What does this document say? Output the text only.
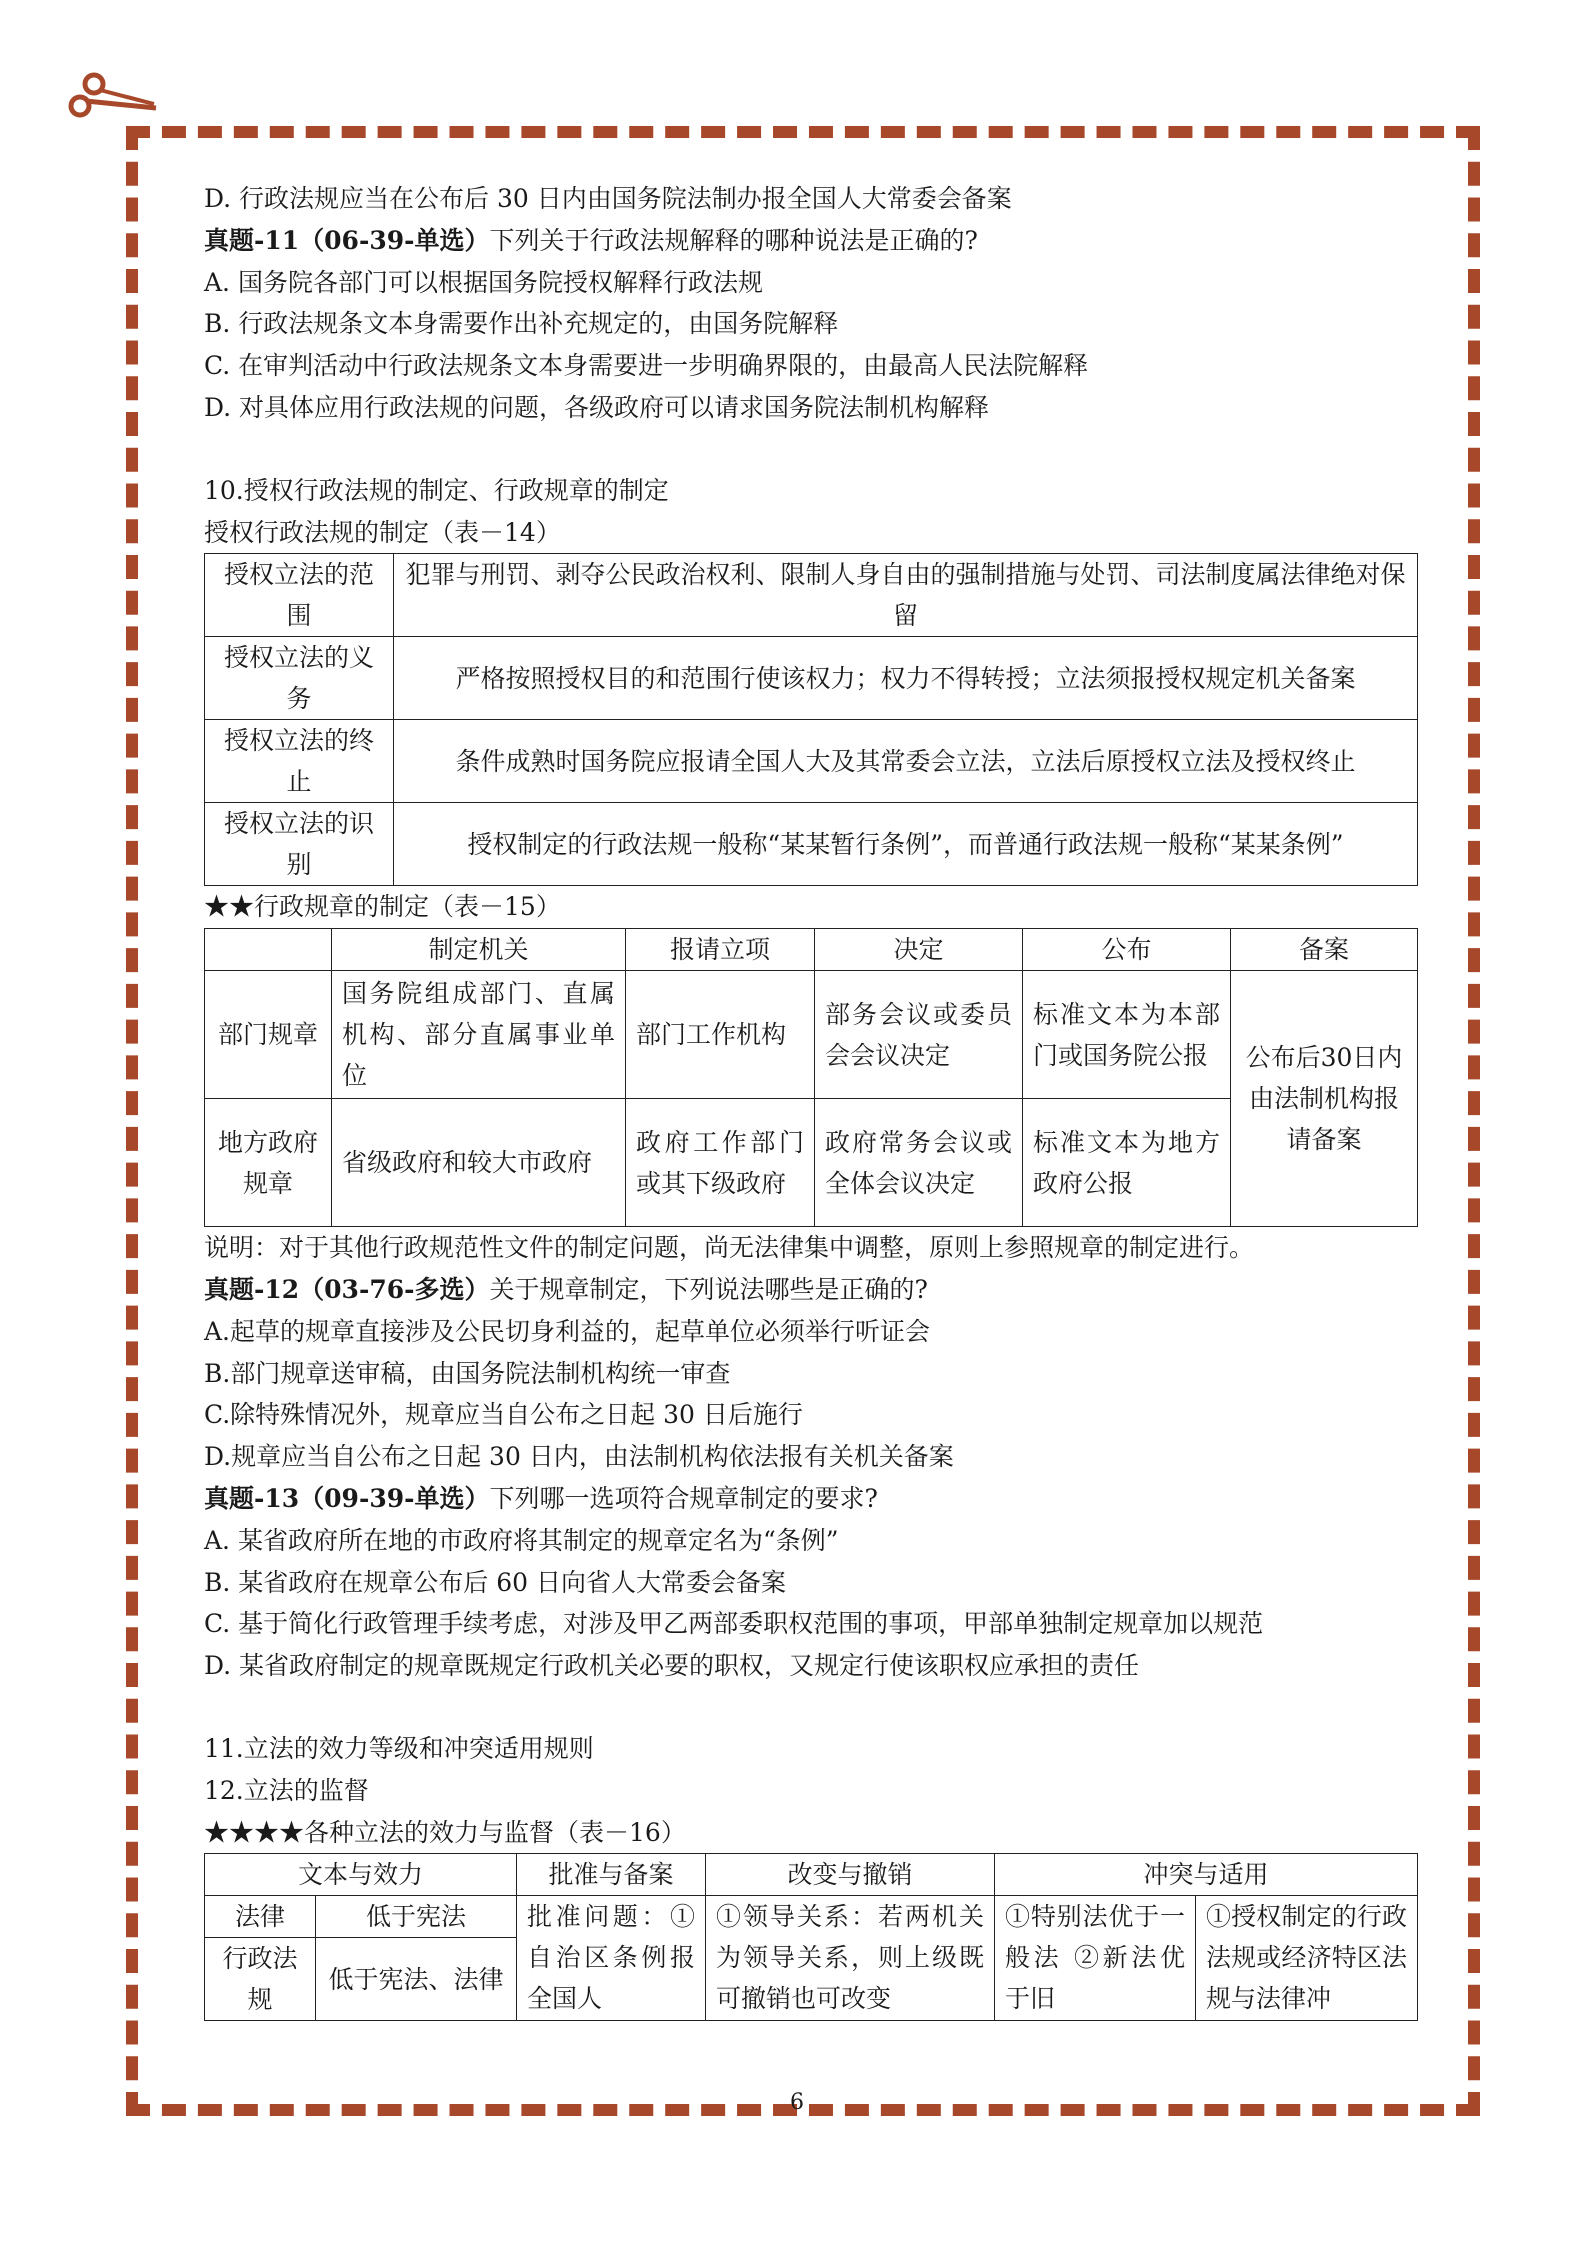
D. 行政法规应当在公布后 30 日内由国务院法制办报全国人大常委会备案
真题-11（06-39-单选）下列关于行政法规解释的哪种说法是正确的?
A. 国务院各部门可以根据国务院授权解释行政法规
B. 行政法规条文本身需要作出补充规定的，由国务院解释
C. 在审判活动中行政法规条文本身需要进一步明确界限的，由最高人民法院解释
D. 对具体应用行政法规的问题，各级政府可以请求国务院法制机构解释
10.授权行政法规的制定、行政规章的制定
授权行政法规的制定（表－14）
授权立法的范围	犯罪与刑罚、剥夺公民政治权利、限制人身自由的强制措施与处罚、司法制度属法律绝对保留
授权立法的义务	严格按照授权目的和范围行使该权力；权力不得转授；立法须报授权规定机关备案
授权立法的终止	条件成熟时国务院应报请全国人大及其常委会立法，立法后原授权立法及授权终止
授权立法的识别	授权制定的行政法规一般称“某某暂行条例”，而普通行政法规一般称“某某条例”
★★行政规章的制定（表－15）
	制定机关	报请立项	决定	公布	备案
部门规章	国务院组成部门、直属机构、部分直属事业单位	部门工作机构	部务会议或委员会会议决定	标准文本为本部门或国务院公报	公布后30日内由法制机构报请备案
地方政府规章	省级政府和较大市政府	政府工作部门或其下级政府	政府常务会议或全体会议决定	标准文本为地方政府公报	
说明：对于其他行政规范性文件的制定问题，尚无法律集中调整，原则上参照规章的制定进行。
真题-12（03-76-多选）关于规章制定，下列说法哪些是正确的?
A.起草的规章直接涉及公民切身利益的，起草单位必须举行听证会
B.部门规章送审稿，由国务院法制机构统一审查
C.除特殊情况外，规章应当自公布之日起 30 日后施行
D.规章应当自公布之日起 30 日内，由法制机构依法报有关机关备案
真题-13（09-39-单选）下列哪一选项符合规章制定的要求?
A. 某省政府所在地的市政府将其制定的规章定名为“条例”
B. 某省政府在规章公布后 60 日向省人大常委会备案
C. 基于简化行政管理手续考虑，对涉及甲乙两部委职权范围的事项，甲部单独制定规章加以规范
D. 某省政府制定的规章既规定行政机关必要的职权，又规定行使该职权应承担的责任
11.立法的效力等级和冲突适用规则
12.立法的监督
★★★★各种立法的效力与监督（表－16）
文本与效力		批准与备案	改变与撤销	冲突与适用	
法律	低于宪法	批准问题：①自治区条例报全国人	①领导关系：若两机关为领导关系，则上级既可撤销也可改变	①特别法优于一般法 ②新法优于旧	①授权制定的行政法规或经济特区法规与法律冲
行政法规	低于宪法、法律				
6
